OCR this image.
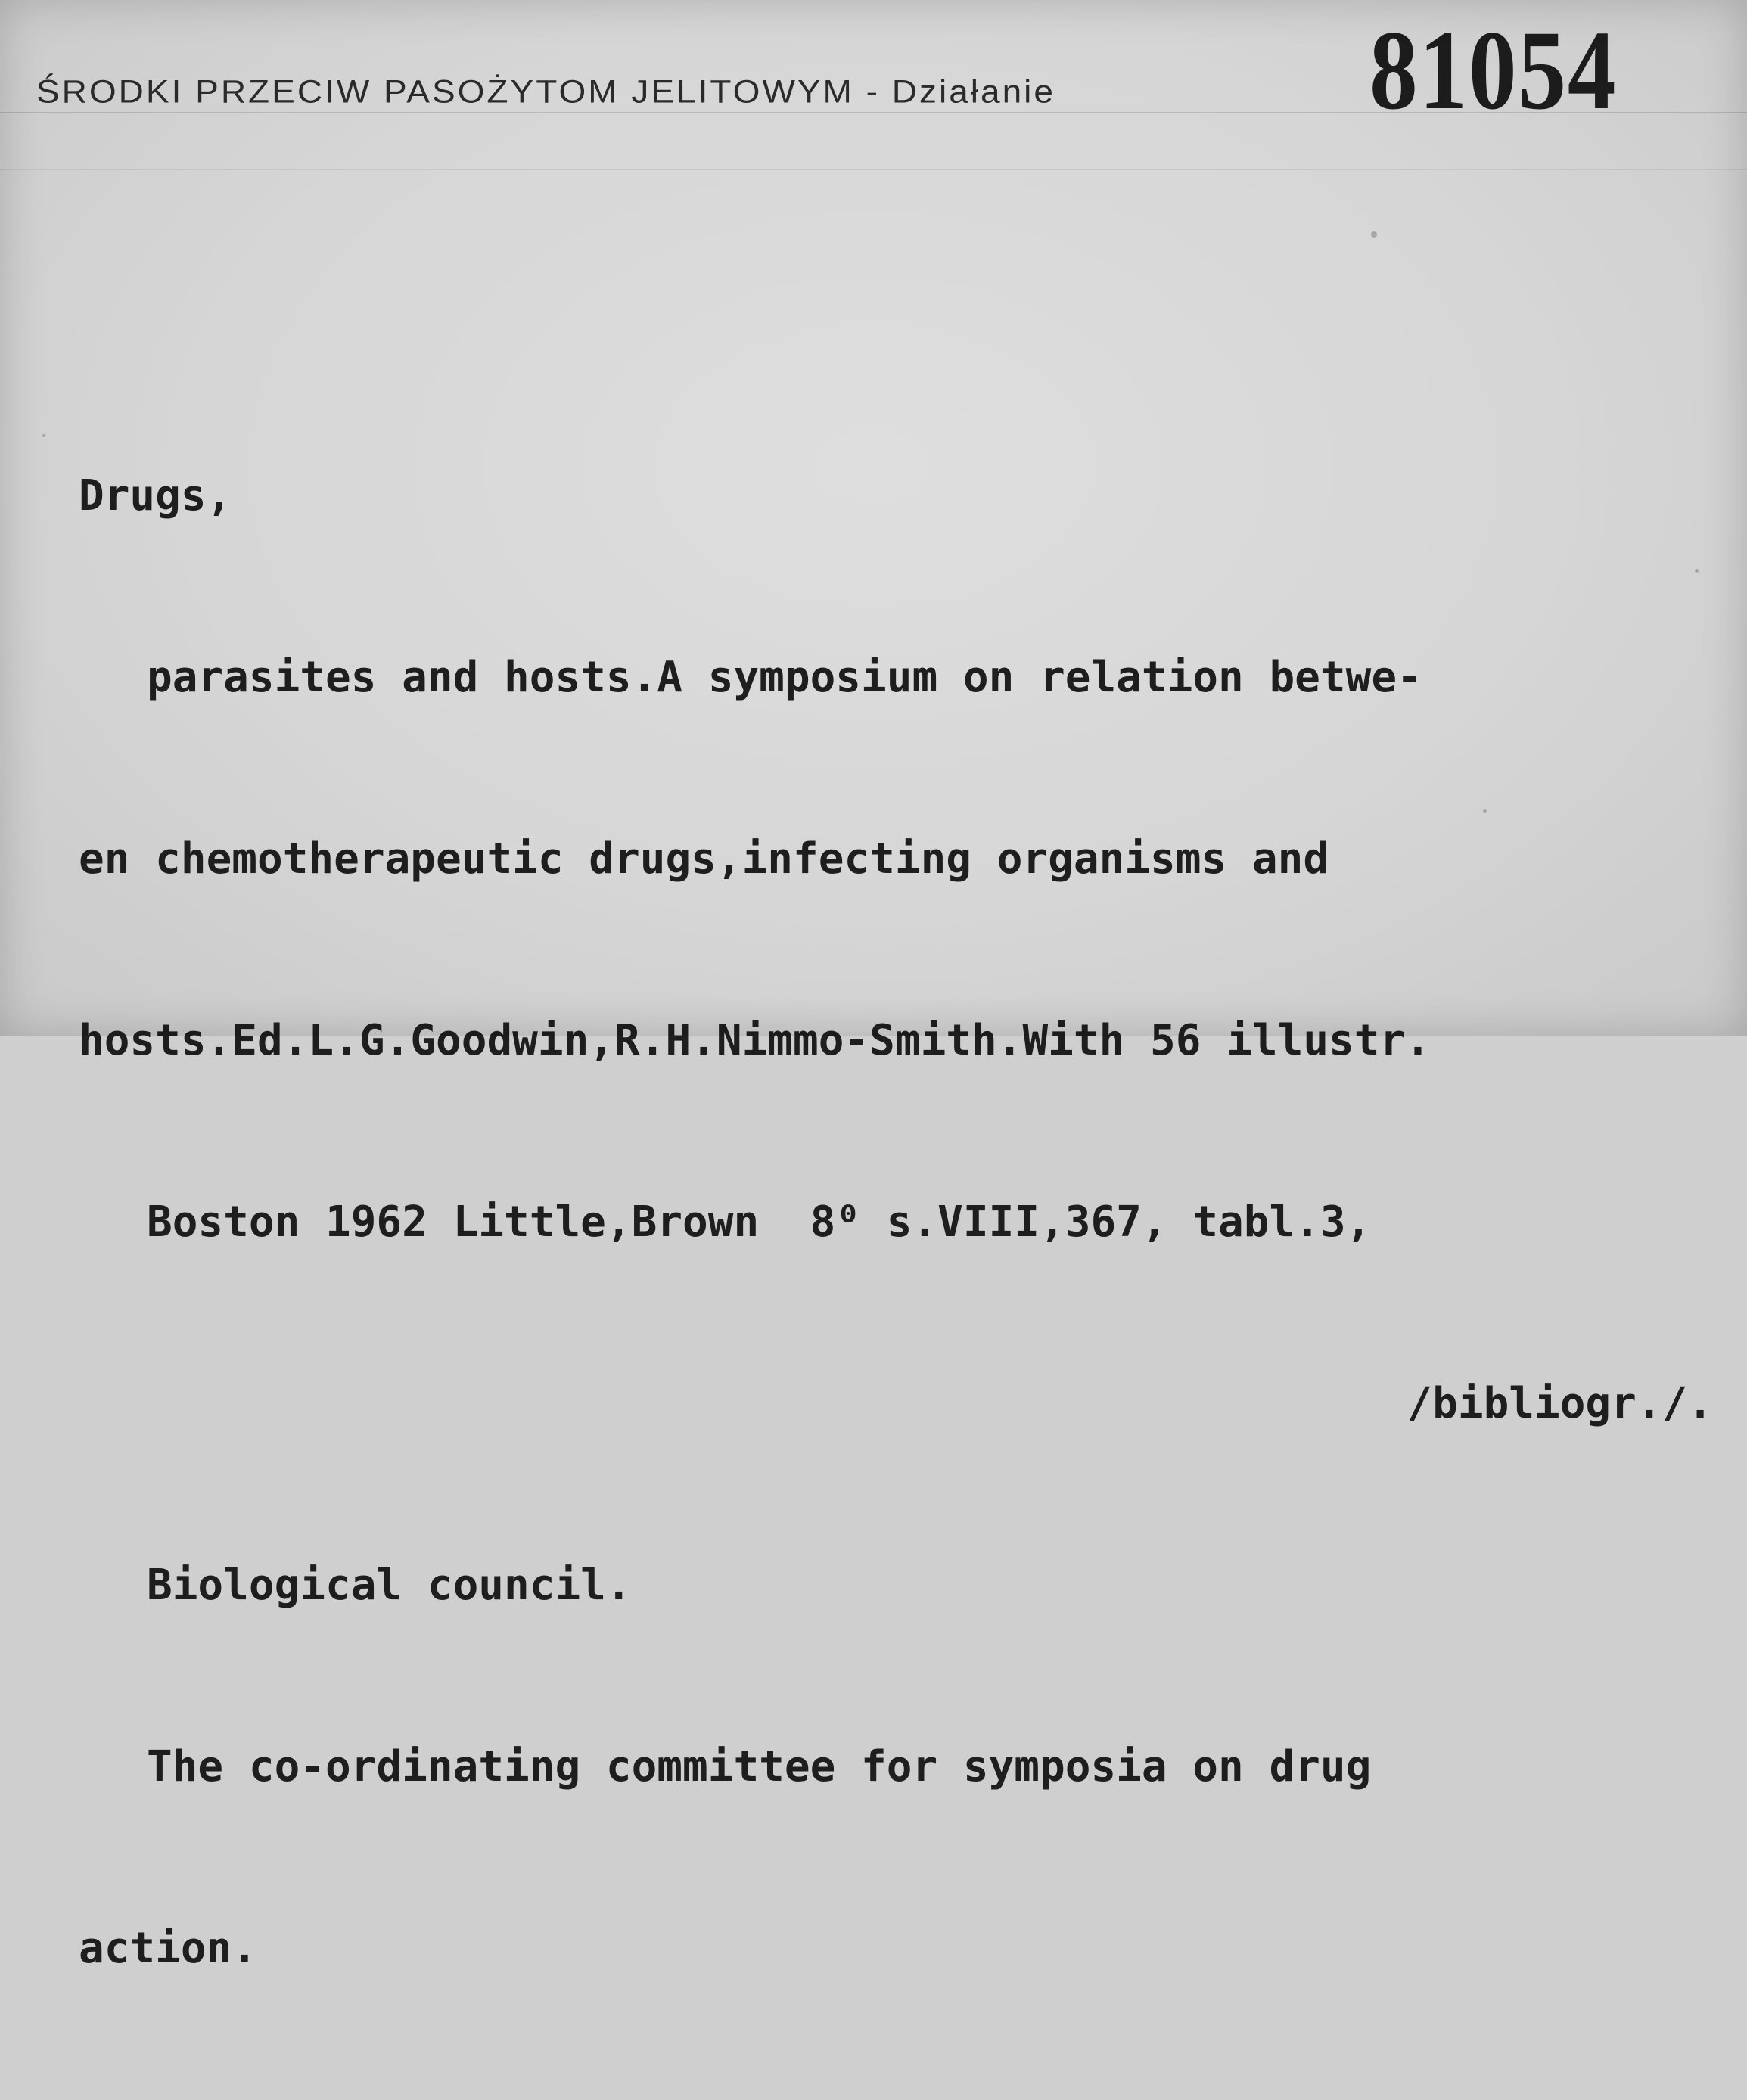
ŚRODKI PRZECIW PASOŻYTOM JELITOWYM - Działanie	81054

Drugs,

parasites and hosts.A symposium on relation betwe-

en chemotherapeutic drugs,infecting organisms and

hosts.Ed.L.G.Goodwin,R.H.Nimmo-Smith.With 56 illustr.

Boston 1962 Little,Brown  8⁰ s.VIII,367, tabl.3,

/bibliogr./.

Biological council.

The co-ordinating committee for symposia on drug

action.
